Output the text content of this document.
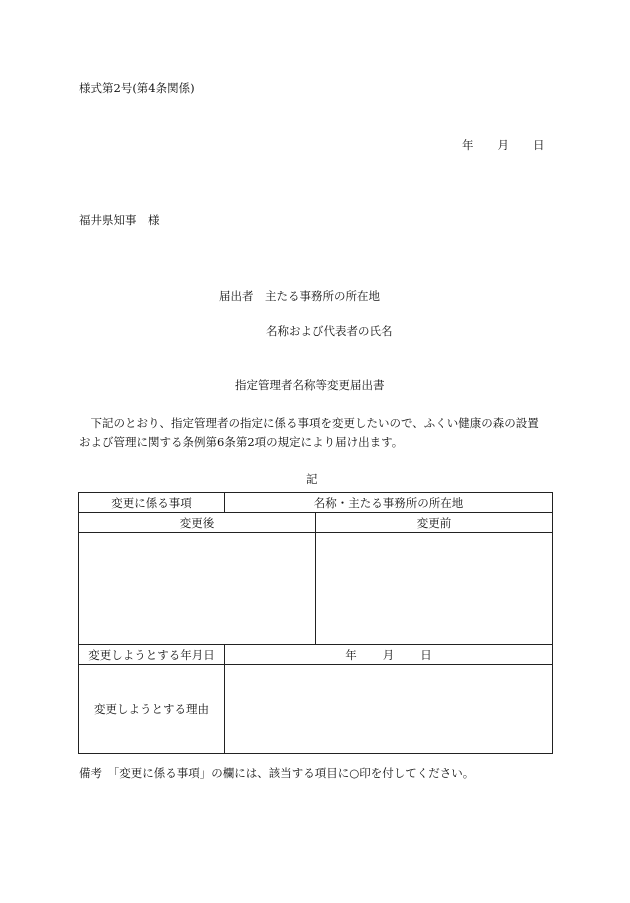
様式第2号(第4条関係)
年 月 日
福井県知事　様
届出者　主たる事務所の所在地
名称および代表者の氏名
指定管理者名称等変更届出書

　下記のとおり、指定管理者の指定に係る事項を変更したいので、ふくい健康の森の設置

および管理に関する条例第6条第2項の規定により届け出ます。

記
変更に係る事項	名称・主たる事務所の所在地	
変更後		変更前

変更しようとする年月日	年 月 日	
変更しようとする理由		
備考　「変更に係る事項」の欄には、該当する項目に○印を付してください。
